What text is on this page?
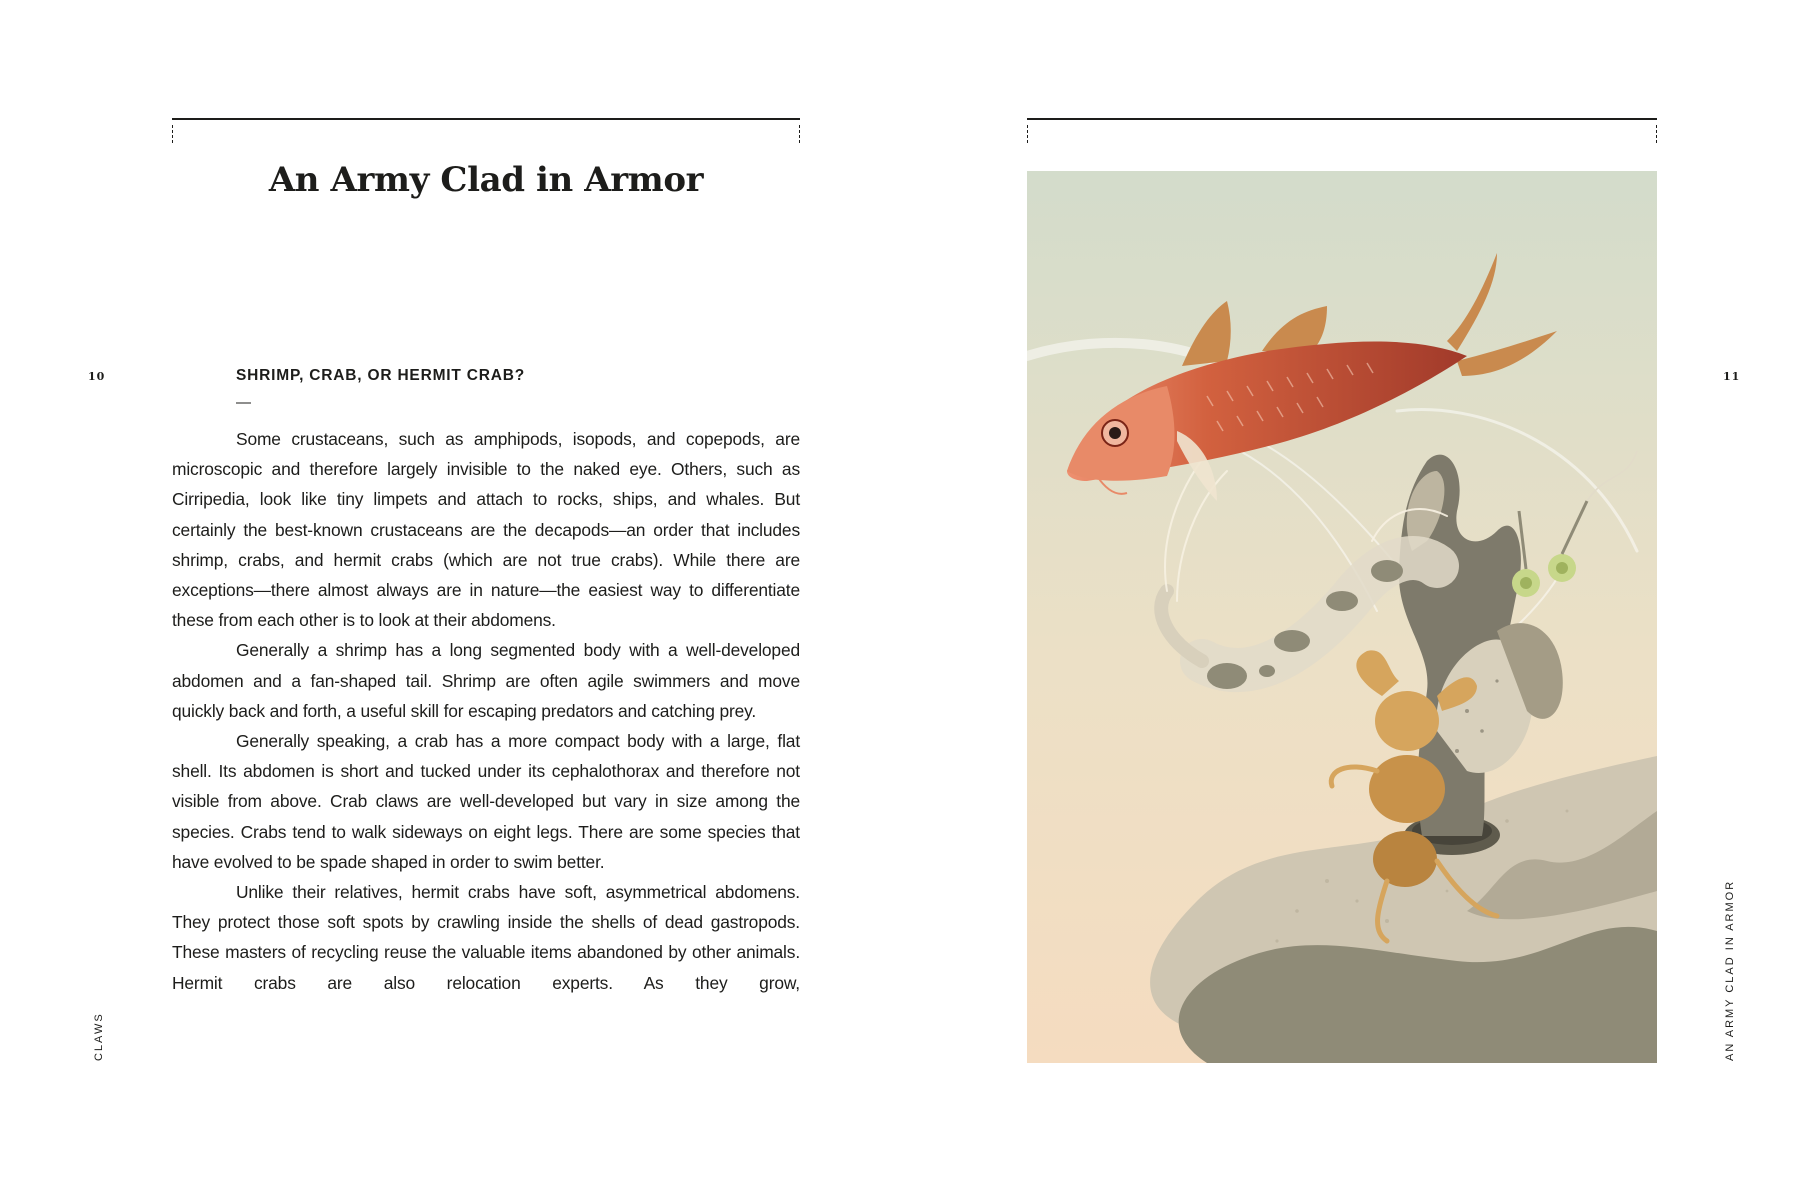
An Army Clad in Armor
10
CLAWS
SHRIMP, CRAB, OR HERMIT CRAB?
—

Some crustaceans, such as amphipods, isopods, and copepods, are microscopic and therefore largely invisible to the naked eye. Others, such as Cirripedia, look like tiny limpets and attach to rocks, ships, and whales. But certainly the best-known crustaceans are the decapods—an order that includes shrimp, crabs, and hermit crabs (which are not true crabs). While there are exceptions—there almost always are in nature—the easiest way to differentiate these from each other is to look at their abdomens.

Generally a shrimp has a long segmented body with a well-developed abdomen and a fan-shaped tail. Shrimp are often agile swimmers and move quickly back and forth, a useful skill for escaping predators and catching prey.

Generally speaking, a crab has a more compact body with a large, flat shell. Its abdomen is short and tucked under its cephalothorax and therefore not visible from above. Crab claws are well-developed but vary in size among the species. Crabs tend to walk sideways on eight legs. There are some species that have evolved to be spade shaped in order to swim better.

Unlike their relatives, hermit crabs have soft, asymmetrical abdomens. They protect those soft spots by crawling inside the shells of dead gastropods. These masters of recycling reuse the valuable items abandoned by other animals. Hermit crabs are also relocation experts. As they grow,

11
AN ARMY CLAD IN ARMOR
